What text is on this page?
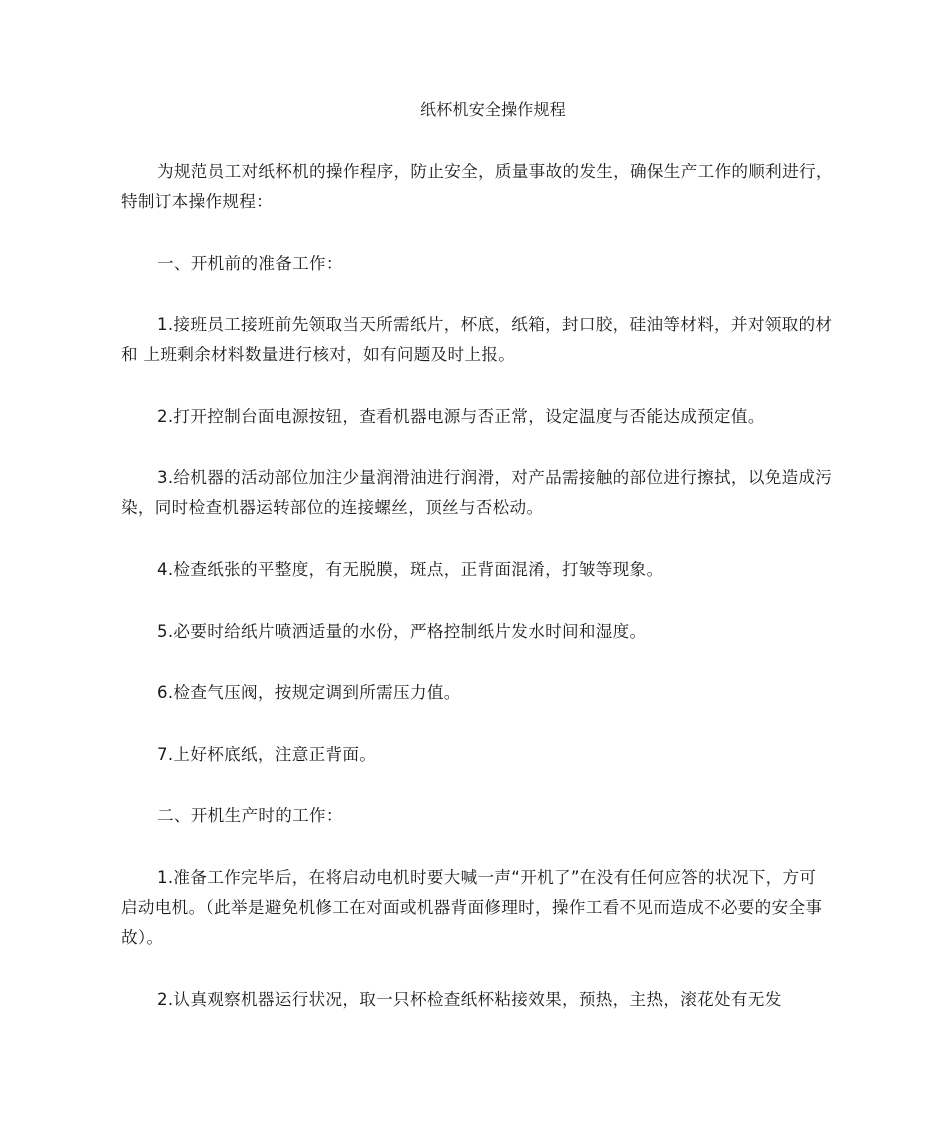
纸杯机安全操作规程

为规范员工对纸杯机的操作程序，防止安全，质量事故的发生，确保生产工作的顺利进行，特制订本操作规程：

一、开机前的准备工作：

1.接班员工接班前先领取当天所需纸片，杯底，纸箱，封口胶，硅油等材料，并对领取的材和 上班剩余材料数量进行核对，如有问题及时上报。

2.打开控制台面电源按钮，查看机器电源与否正常，设定温度与否能达成预定值。

3.给机器的活动部位加注少量润滑油进行润滑，对产品需接触的部位进行擦拭，以免造成污染，同时检查机器运转部位的连接螺丝，顶丝与否松动。

4.检查纸张的平整度，有无脱膜，斑点，正背面混淆，打皱等现象。

5.必要时给纸片喷洒适量的水份，严格控制纸片发水时间和湿度。

6.检查气压阀，按规定调到所需压力值。

7.上好杯底纸，注意正背面。

二、开机生产时的工作：

1.准备工作完毕后，在将启动电机时要大喊一声“开机了”在没有任何应答的状况下，方可启动电机。（此举是避免机修工在对面或机器背面修理时，操作工看不见而造成不必要的安全事故）。

2.认真观察机器运行状况，取一只杯检查纸杯粘接效果，预热，主热，滚花处有无发
